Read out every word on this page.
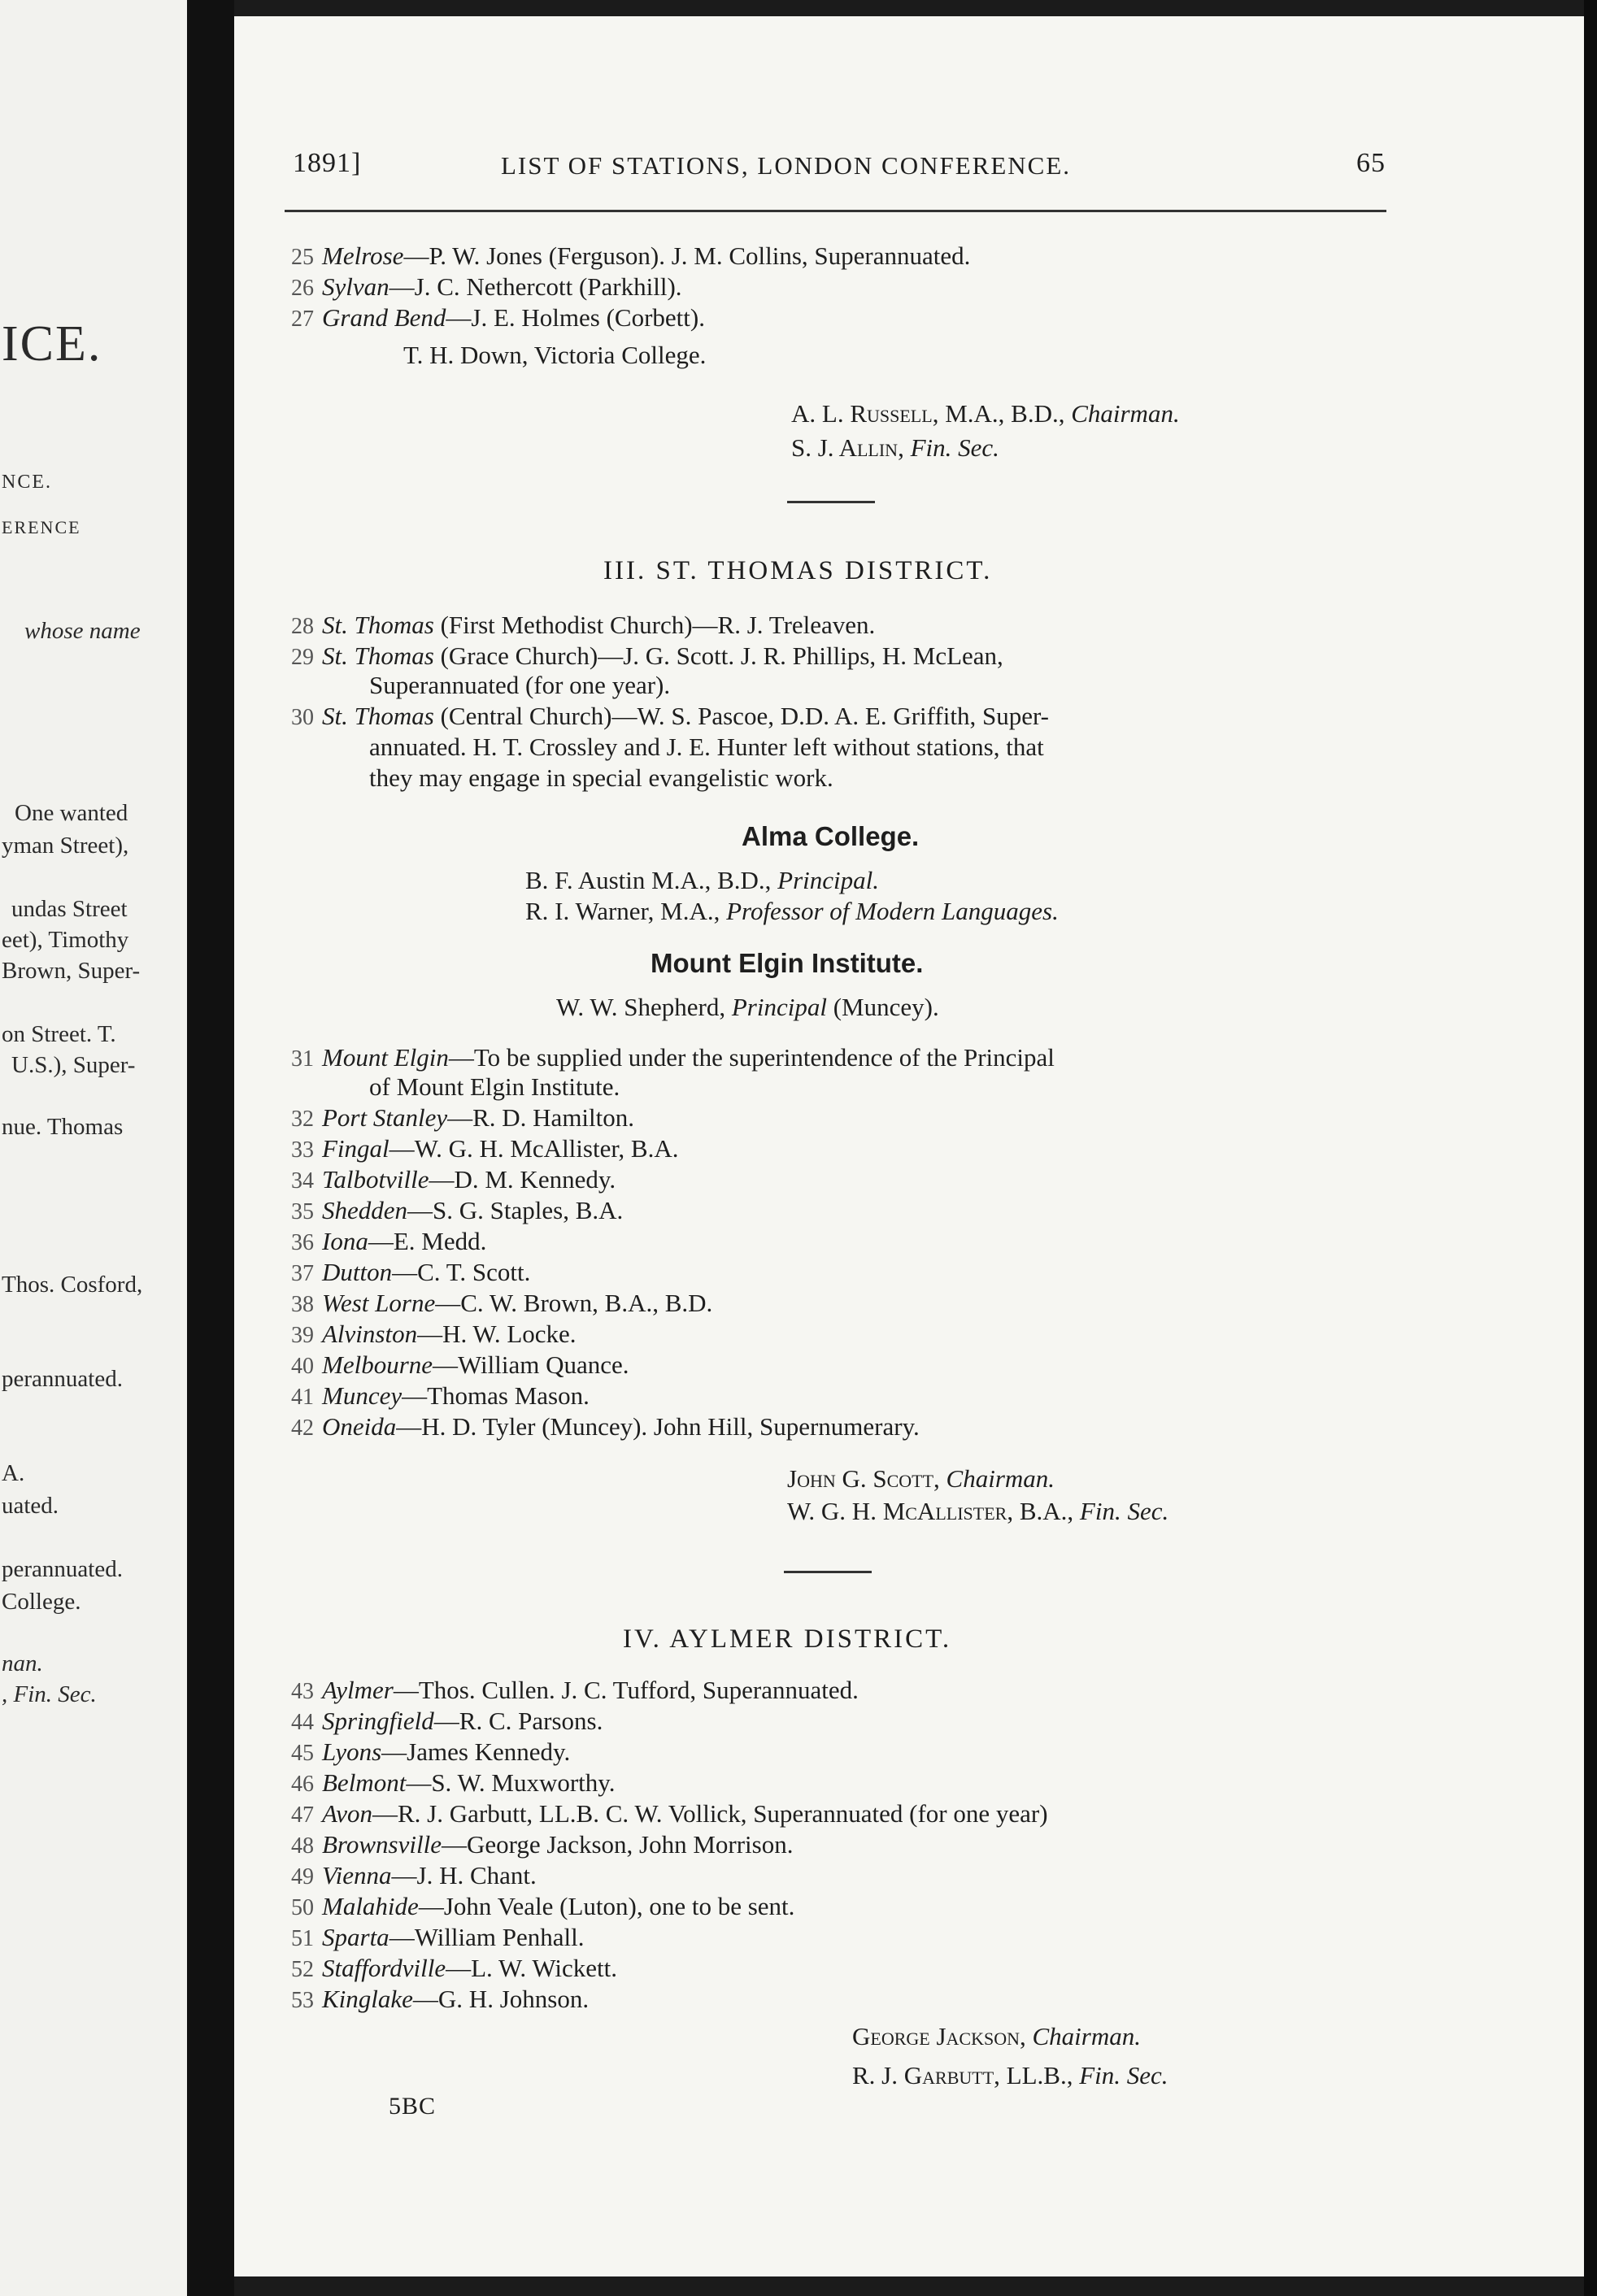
ICE.
NCE.
ERENCE
whose name
One wanted
yman Street),
undas Street
eet), Timothy
Brown, Super-
on Street. T.
U.S.), Super-
nue. Thomas
Thos. Cosford,
perannuated.
A.
uated.
perannuated.
College.
nan.
, Fin. Sec.
1891]	LIST OF STATIONS, LONDON CONFERENCE.	65
25 Melrose—P. W. Jones (Ferguson). J. M. Collins, Superannuated.
26 Sylvan—J. C. Nethercott (Parkhill).
27 Grand Bend—J. E. Holmes (Corbett).
T. H. Down, Victoria College.
A. L. Russell, M.A., B.D., Chairman.
S. J. Allin, Fin. Sec.
III. ST. THOMAS DISTRICT.
28 St. Thomas (First Methodist Church)—R. J. Treleaven.
29 St. Thomas (Grace Church)—J. G. Scott. J. R. Phillips, H. McLean,
Superannuated (for one year).
30 St. Thomas (Central Church)—W. S. Pascoe, D.D. A. E. Griffith, Super-
annuated. H. T. Crossley and J. E. Hunter left without stations, that
they may engage in special evangelistic work.
Alma College.
B. F. Austin M.A., B.D., Principal.
R. I. Warner, M.A., Professor of Modern Languages.
Mount Elgin Institute.
W. W. Shepherd, Principal (Muncey).
31 Mount Elgin—To be supplied under the superintendence of the Principal
of Mount Elgin Institute.
32 Port Stanley—R. D. Hamilton.
33 Fingal—W. G. H. McAllister, B.A.
34 Talbotville—D. M. Kennedy.
35 Shedden—S. G. Staples, B.A.
36 Iona—E. Medd.
37 Dutton—C. T. Scott.
38 West Lorne—C. W. Brown, B.A., B.D.
39 Alvinston—H. W. Locke.
40 Melbourne—William Quance.
41 Muncey—Thomas Mason.
42 Oneida—H. D. Tyler (Muncey). John Hill, Supernumerary.
John G. Scott, Chairman.
W. G. H. McAllister, B.A., Fin. Sec.
IV. AYLMER DISTRICT.
43 Aylmer—Thos. Cullen. J. C. Tufford, Superannuated.
44 Springfield—R. C. Parsons.
45 Lyons—James Kennedy.
46 Belmont—S. W. Muxworthy.
47 Avon—R. J. Garbutt, LL.B. C. W. Vollick, Superannuated (for one year)
48 Brownsville—George Jackson, John Morrison.
49 Vienna—J. H. Chant.
50 Malahide—John Veale (Luton), one to be sent.
51 Sparta—William Penhall.
52 Staffordville—L. W. Wickett.
53 Kinglake—G. H. Johnson.
George Jackson, Chairman.
R. J. Garbutt, LL.B., Fin. Sec.
5BC
